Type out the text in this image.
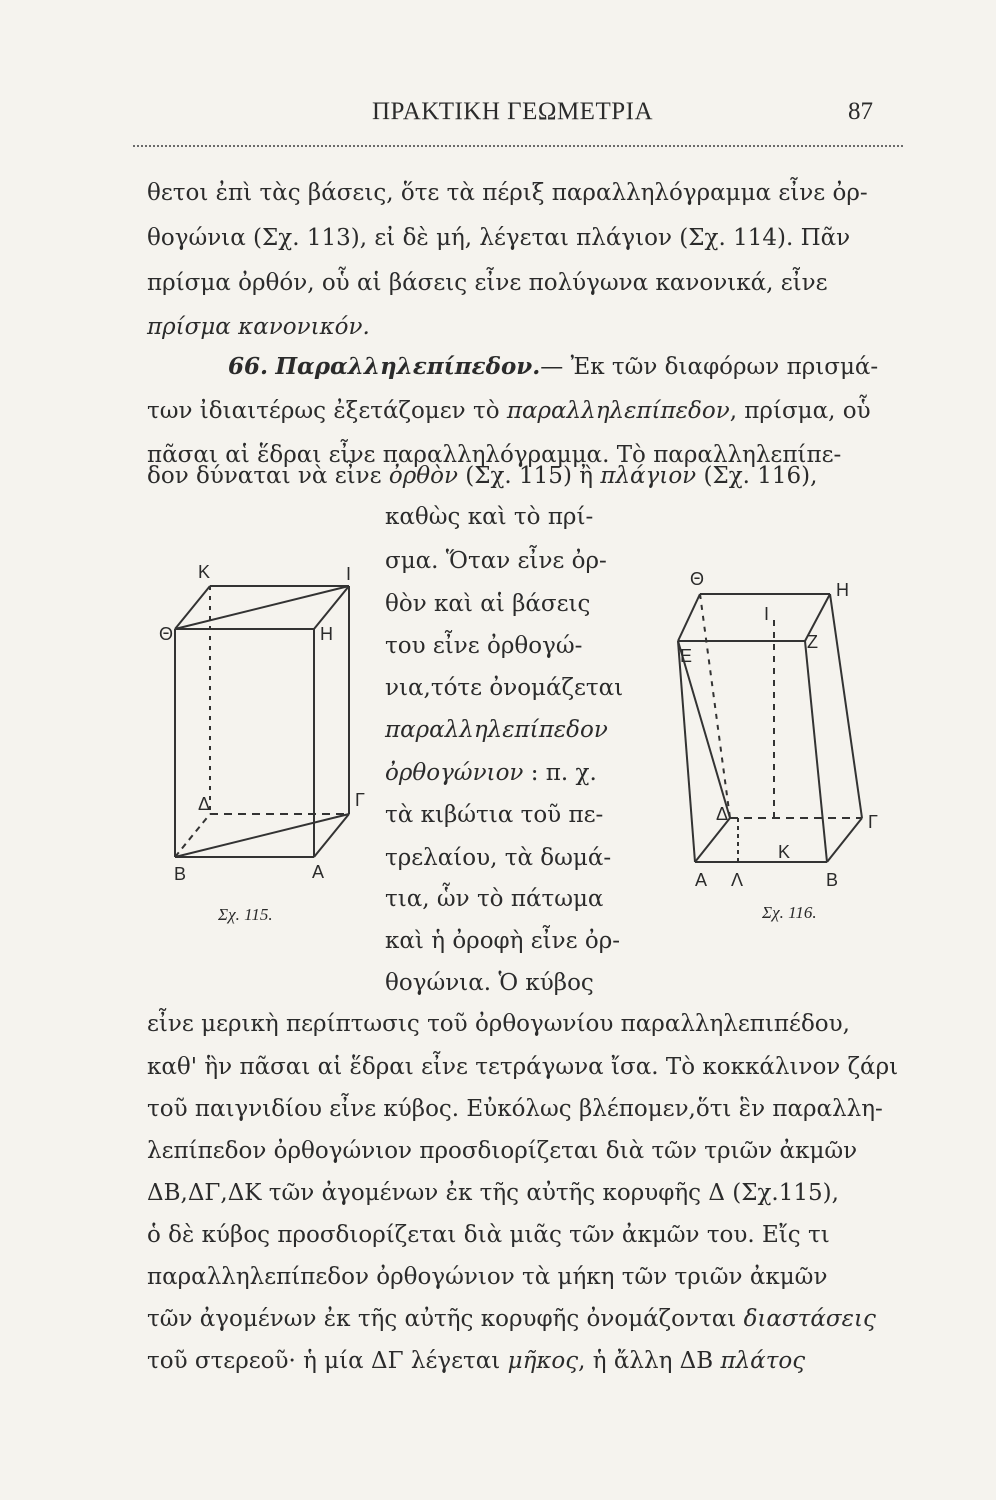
ΠΡΑΚΤΙΚΗ ΓΕΩΜΕΤΡΙΑ	87
θετοι ἐπὶ τὰς βάσεις, ὅτε τὰ πέριξ παραλληλόγραμμα εἶνε ὀρ-
θογώνια (Σχ. 113), εἰ δὲ μή, λέγεται πλάγιον (Σχ. 114). Πᾶν
πρίσμα ὀρθόν, οὗ αἱ βάσεις εἶνε πολύγωνα κανονικά, εἶνε
πρίσμα κανονικόν.
66. Παραλληλεπίπεδον.— Ἐκ τῶν διαφόρων πρισμά-
των ἰδιαιτέρως ἐξετάζομεν τὸ παραλληλεπίπεδον, πρίσμα, οὗ
πᾶσαι αἱ ἕδραι εἶνε παραλληλόγραμμα. Τὸ παραλληλεπίπε-
δον δύναται νὰ εἶνε ὀρθὸν (Σχ. 115) ἢ πλάγιον (Σχ. 116),
καθὼς καὶ τὸ πρί-
σμα. Ὅταν εἶνε ὀρ-
θὸν καὶ αἱ βάσεις
του εἶνε ὀρθογώ-
νια,τότε ὀνομάζεται
παραλληλεπίπεδον
ὀρθογώνιον : π. χ.
τὰ κιβώτια τοῦ πε-
τρελαίου, τὰ δωμά-
τια, ὧν τὸ πάτωμα
καὶ ἡ ὀροφὴ εἶνε ὀρ-
θογώνια. Ὁ κύβος
εἶνε μερικὴ περίπτωσις τοῦ ὀρθογωνίου παραλληλεπιπέδου,
καθ' ἣν πᾶσαι αἱ ἕδραι εἶνε τετράγωνα ἴσα. Τὸ κοκκάλινον ζάρι
τοῦ παιγνιδίου εἶνε κύβος. Εὐκόλως βλέπομεν,ὅτι ἓν παραλλη-
λεπίπεδον ὀρθογώνιον προσδιορίζεται διὰ τῶν τριῶν ἀκμῶν
ΔΒ,ΔΓ,ΔΚ τῶν ἀγομένων ἐκ τῆς αὐτῆς κορυφῆς Δ (Σχ.115),
ὁ δὲ κύβος προσδιορίζεται διὰ μιᾶς τῶν ἀκμῶν του. Εἴς τι
παραλληλεπίπεδον ὀρθογώνιον τὰ μήκη τῶν τριῶν ἀκμῶν
τῶν ἀγομένων ἐκ τῆς αὐτῆς κορυφῆς ὀνομάζονται διαστάσεις
τοῦ στερεοῦ· ἡ μία ΔΓ λέγεται μῆκος, ἡ ἄλλη ΔΒ πλάτος
K	Ι
Θ	Η
Δ	Γ
Β	Α
Σχ. 115.
Θ
Η
Ε
Ι
Ζ
Δ	Γ
Κ
Α Λ	Β
Σχ. 116.
